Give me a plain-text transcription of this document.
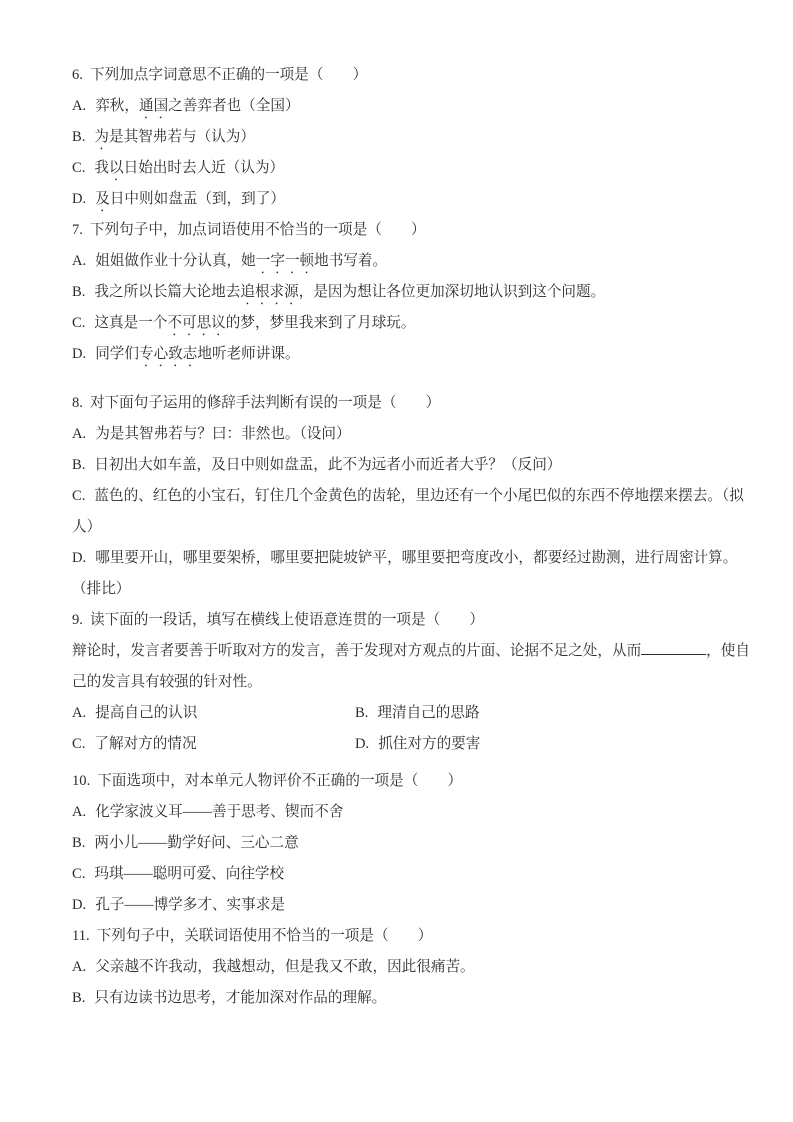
6. 下列加点字词意思不正确的一项是（　　）

A. 弈秋，通国之善弈者也（全国）

B. 为是其智弗若与（认为）

C. 我以日始出时去人近（认为）

D. 及日中则如盘盂（到，到了）

7. 下列句子中，加点词语使用不恰当的一项是（　　）

A. 姐姐做作业十分认真，她一字一顿地书写着。

B. 我之所以长篇大论地去追根求源，是因为想让各位更加深切地认识到这个问题。

C. 这真是一个不可思议的梦，梦里我来到了月球玩。

D. 同学们专心致志地听老师讲课。

8. 对下面句子运用的修辞手法判断有误的一项是（　　）

A. 为是其智弗若与？曰：非然也。（设问）

B. 日初出大如车盖，及日中则如盘盂，此不为远者小而近者大乎？（反问）

C. 蓝色的、红色的小宝石，钉住几个金黄色的齿轮，里边还有一个小尾巴似的东西不停地摆来摆去。（拟人）

D. 哪里要开山，哪里要架桥，哪里要把陡坡铲平，哪里要把弯度改小，都要经过勘测，进行周密计算。（排比）

9. 读下面的一段话，填写在横线上使语意连贯的一项是（　　）

辩论时，发言者要善于听取对方的发言，善于发现对方观点的片面、论据不足之处，从而	，使自己的发言具有较强的针对性。

A. 提高自己的认识	B. 理清自己的思路

C. 了解对方的情况	D. 抓住对方的要害

10. 下面选项中，对本单元人物评价不正确的一项是（　　）

A. 化学家波义耳——善于思考、锲而不舍

B. 两小儿——勤学好问、三心二意

C. 玛琪——聪明可爱、向往学校

D. 孔子——博学多才、实事求是

11. 下列句子中，关联词语使用不恰当的一项是（　　）

A. 父亲越不许我动，我越想动，但是我又不敢，因此很痛苦。

B. 只有边读书边思考，才能加深对作品的理解。
